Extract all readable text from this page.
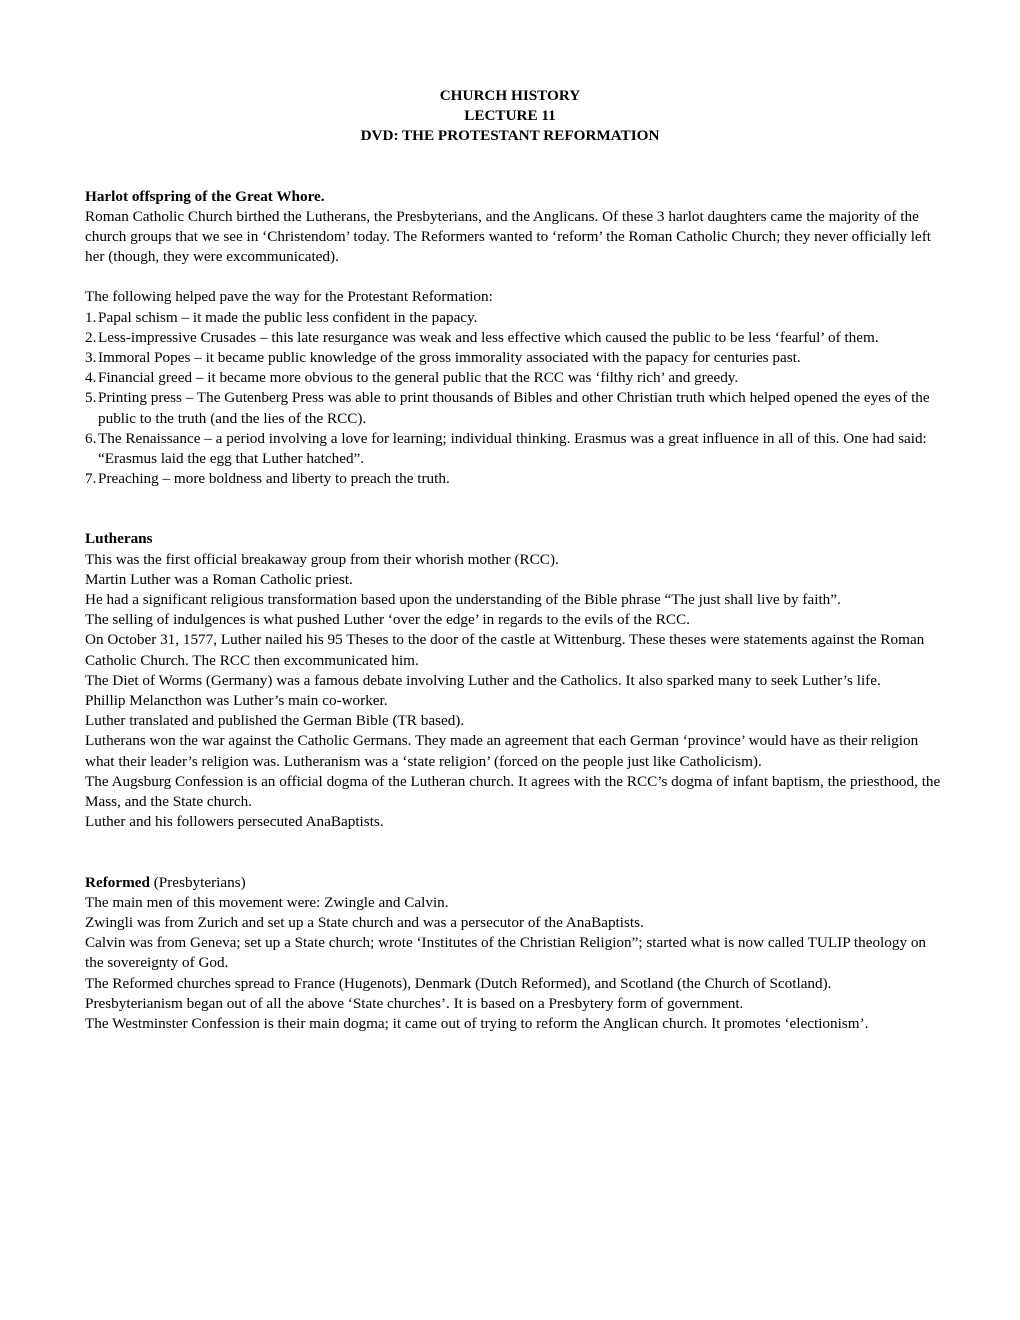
CHURCH HISTORY
LECTURE 11
DVD: THE PROTESTANT REFORMATION

Harlot offspring of the Great Whore.

Roman Catholic Church birthed the Lutherans, the Presbyterians, and the Anglicans. Of these 3 harlot daughters came the majority of the church groups that we see in ‘Christendom’ today. The Reformers wanted to ‘reform’ the Roman Catholic Church; they never officially left her (though, they were excommunicated).

The following helped pave the way for the Protestant Reformation:

1. Papal schism – it made the public less confident in the papacy.
2. Less-impressive Crusades – this late resurgance was weak and less effective which caused the public to be less ‘fearful’ of them.
3. Immoral Popes – it became public knowledge of the gross immorality associated with the papacy for centuries past.
4. Financial greed – it became more obvious to the general public that the RCC was ‘filthy rich’ and greedy.
5. Printing press – The Gutenberg Press was able to print thousands of Bibles and other Christian truth which helped opened the eyes of the public to the truth (and the lies of the RCC).
6. The Renaissance – a period involving a love for learning; individual thinking. Erasmus was a great influence in all of this. One had said: “Erasmus laid the egg that Luther hatched”.
7. Preaching – more boldness and liberty to preach the truth.

Lutherans

This was the first official breakaway group from their whorish mother (RCC).

Martin Luther was a Roman Catholic priest.

He had a significant religious transformation based upon the understanding of the Bible phrase “The just shall live by faith”.

The selling of indulgences is what pushed Luther ‘over the edge’ in regards to the evils of the RCC.

On October 31, 1577, Luther nailed his 95 Theses to the door of the castle at Wittenburg. These theses were statements against the Roman Catholic Church. The RCC then excommunicated him.

The Diet of Worms (Germany) was a famous debate involving Luther and the Catholics. It also sparked many to seek Luther’s life.

Phillip Melancthon was Luther’s main co-worker.

Luther translated and published the German Bible (TR based).

Lutherans won the war against the Catholic Germans. They made an agreement that each German ‘province’ would have as their religion what their leader’s religion was. Lutheranism was a ‘state religion’ (forced on the people just like Catholicism).

The Augsburg Confession is an official dogma of the Lutheran church. It agrees with the RCC’s dogma of infant baptism, the priesthood, the Mass, and the State church.

Luther and his followers persecuted AnaBaptists.

Reformed (Presbyterians)

The main men of this movement were: Zwingle and Calvin.

Zwingli was from Zurich and set up a State church and was a persecutor of the AnaBaptists.

Calvin was from Geneva; set up a State church; wrote ‘Institutes of the Christian Religion”; started what is now called TULIP theology on the sovereignty of God.

The Reformed churches spread to France (Hugenots), Denmark (Dutch Reformed), and Scotland (the Church of Scotland).

Presbyterianism began out of all the above ‘State churches’. It is based on a Presbytery form of government.

The Westminster Confession is their main dogma; it came out of trying to reform the Anglican church. It promotes ‘electionism’.
